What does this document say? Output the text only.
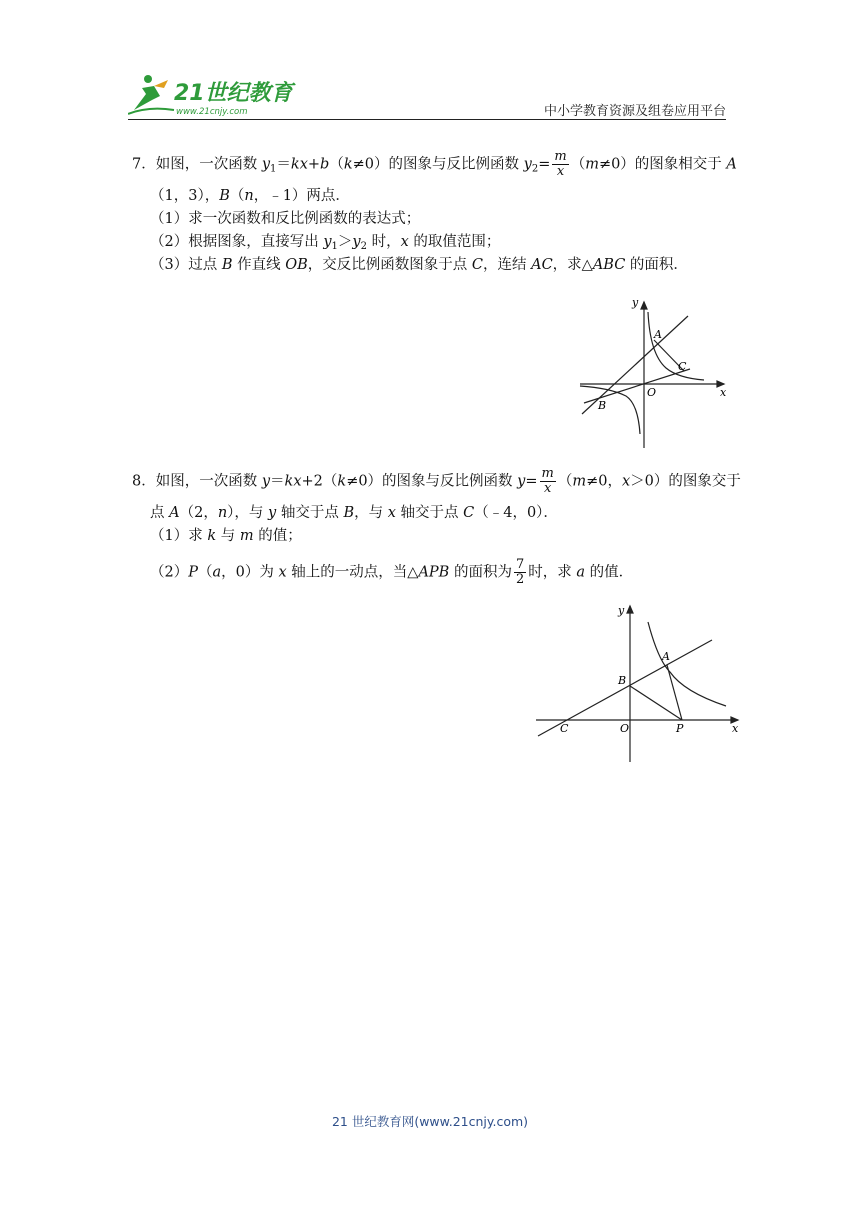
21世纪教育
www.21cnjy.com	中小学教育资源及组卷应用平台
7．如图，一次函数 $y_1=kx+b(k\ne 0)$的图象与反比例函数 $y_2= \frac{m}{x} (m\ne 0)$的图象相交于 A
（1，3），B（n，﹣1）两点．
（1）求一次函数和反比例函数的表达式；
（2）根据图象，直接写出 $y_1>y_2$ 时，x 的取值范围；
（3）过点 B 作直线 OB，交反比例函数图象于点 C，连结 AC，求△ABC 的面积．
y
x
A
C
O
B
8．如图，一次函数 y＝kx+2（k≠0）的图象与反比例函数 $y= \frac{m}{x} (m\ne 0$，x＞0）的图象交于
点 A（2，n），与 y 轴交于点 B，与 x 轴交于点 C（﹣4，0）．
（1）求 k 与 m 的值；
（2）P（a，0）为 x 轴上的一动点，当△APB 的面积为 $\frac{7}{2}$ 时，求 a 的值．
y
x
A
B
C	O	P
21 世纪教育网(www.21cnjy.com)
